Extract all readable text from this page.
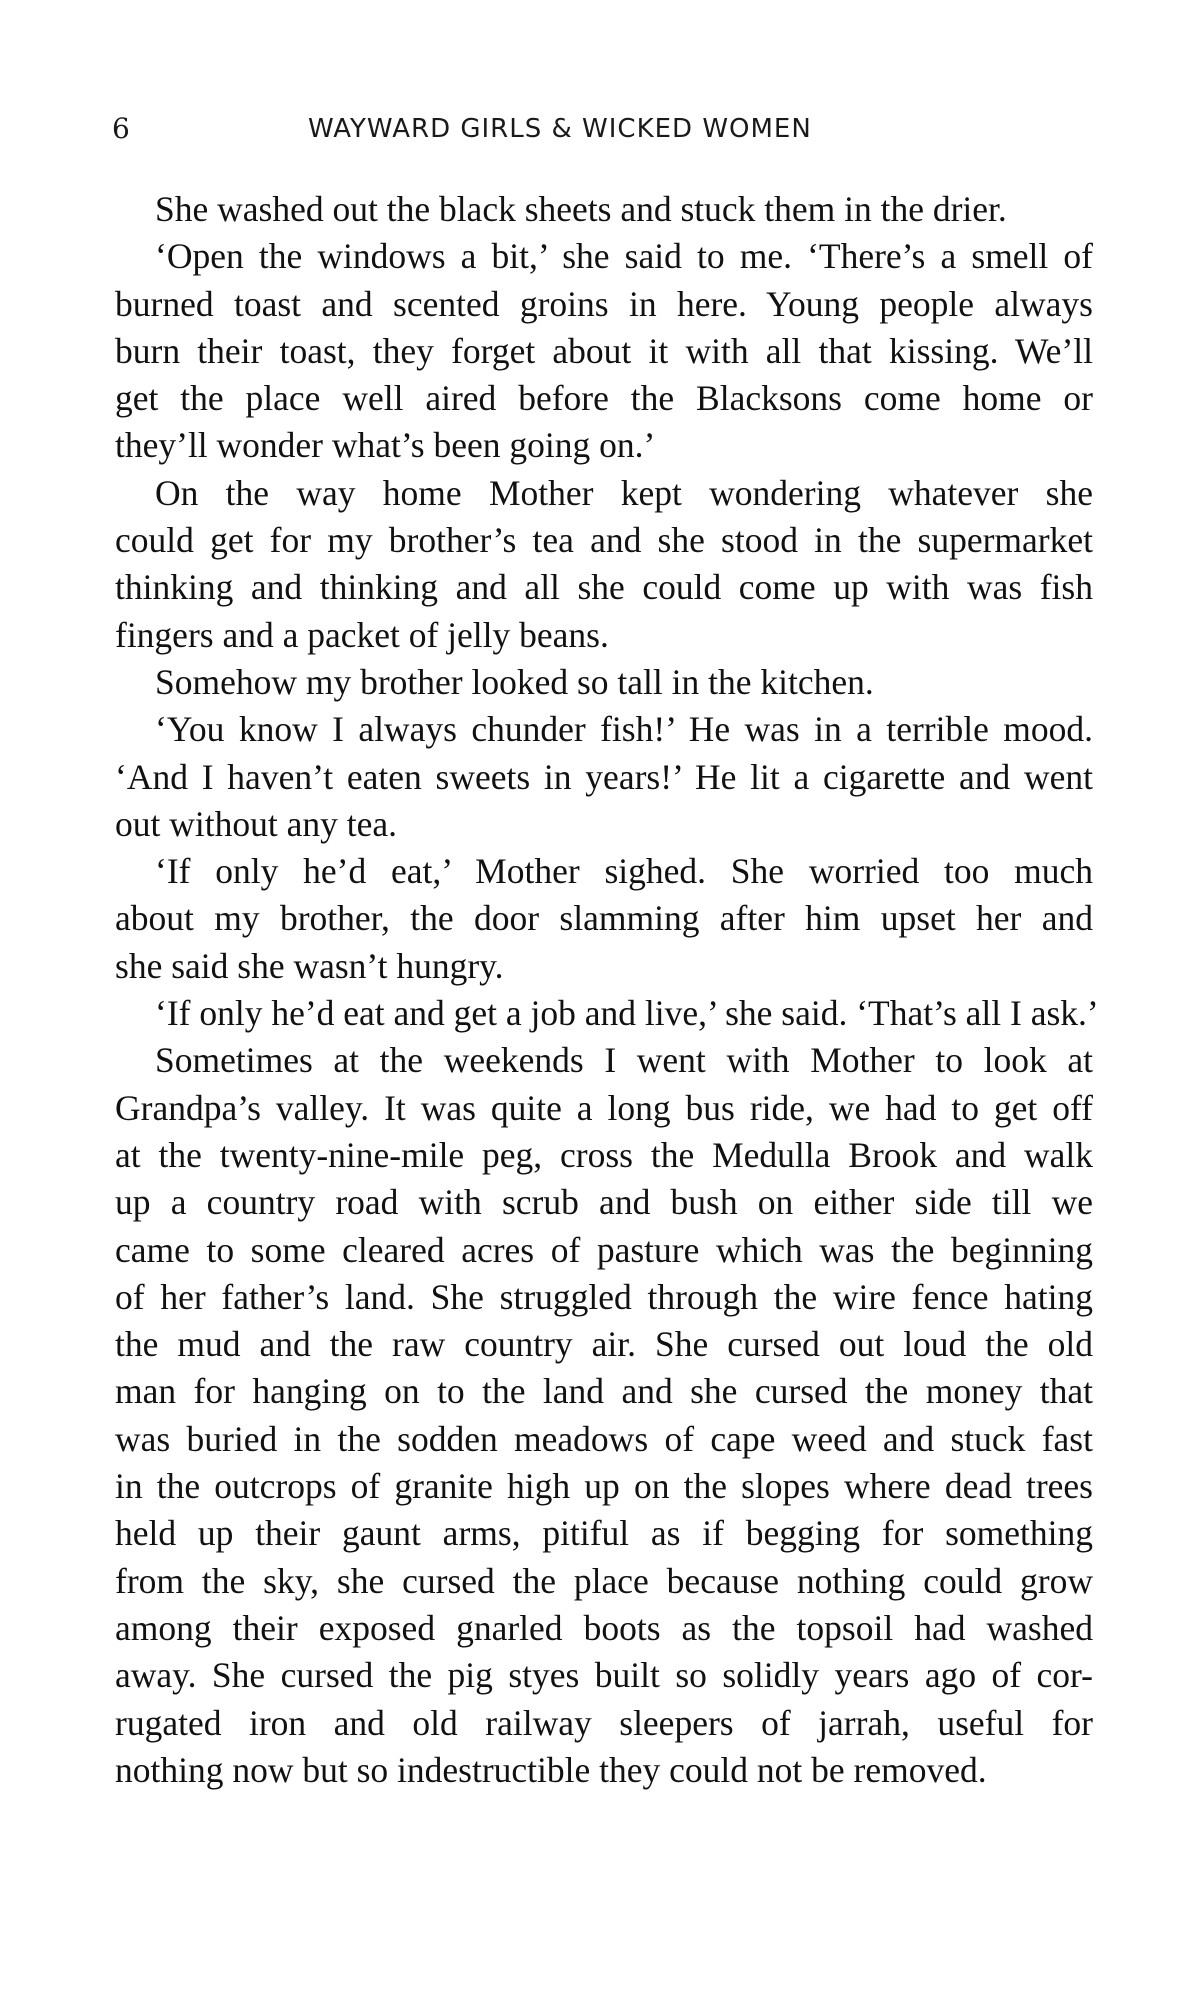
6	WAYWARD GIRLS & WICKED WOMEN
She washed out the black sheets and stuck them in the drier.
‘Open the windows a bit,’ she said to me. ‘There’s a smell of
burned toast and scented groins in here. Young people always
burn their toast, they forget about it with all that kissing. We’ll
get the place well aired before the Blacksons come home or
they’ll wonder what’s been going on.’
On the way home Mother kept wondering whatever she
could get for my brother’s tea and she stood in the supermarket
thinking and thinking and all she could come up with was fish
fingers and a packet of jelly beans.
Somehow my brother looked so tall in the kitchen.
‘You know I always chunder fish!’ He was in a terrible mood.
‘And I haven’t eaten sweets in years!’ He lit a cigarette and went
out without any tea.
‘If only he’d eat,’ Mother sighed. She worried too much
about my brother, the door slamming after him upset her and
she said she wasn’t hungry.
‘If only he’d eat and get a job and live,’ she said. ‘That’s all I ask.’
Sometimes at the weekends I went with Mother to look at
Grandpa’s valley. It was quite a long bus ride, we had to get off
at the twenty-nine-mile peg, cross the Medulla Brook and walk
up a country road with scrub and bush on either side till we
came to some cleared acres of pasture which was the beginning
of her father’s land. She struggled through the wire fence hating
the mud and the raw country air. She cursed out loud the old
man for hanging on to the land and she cursed the money that
was buried in the sodden meadows of cape weed and stuck fast
in the outcrops of granite high up on the slopes where dead trees
held up their gaunt arms, pitiful as if begging for something
from the sky, she cursed the place because nothing could grow
among their exposed gnarled boots as the topsoil had washed
away. She cursed the pig styes built so solidly years ago of cor-
rugated iron and old railway sleepers of jarrah, useful for
nothing now but so indestructible they could not be removed.
